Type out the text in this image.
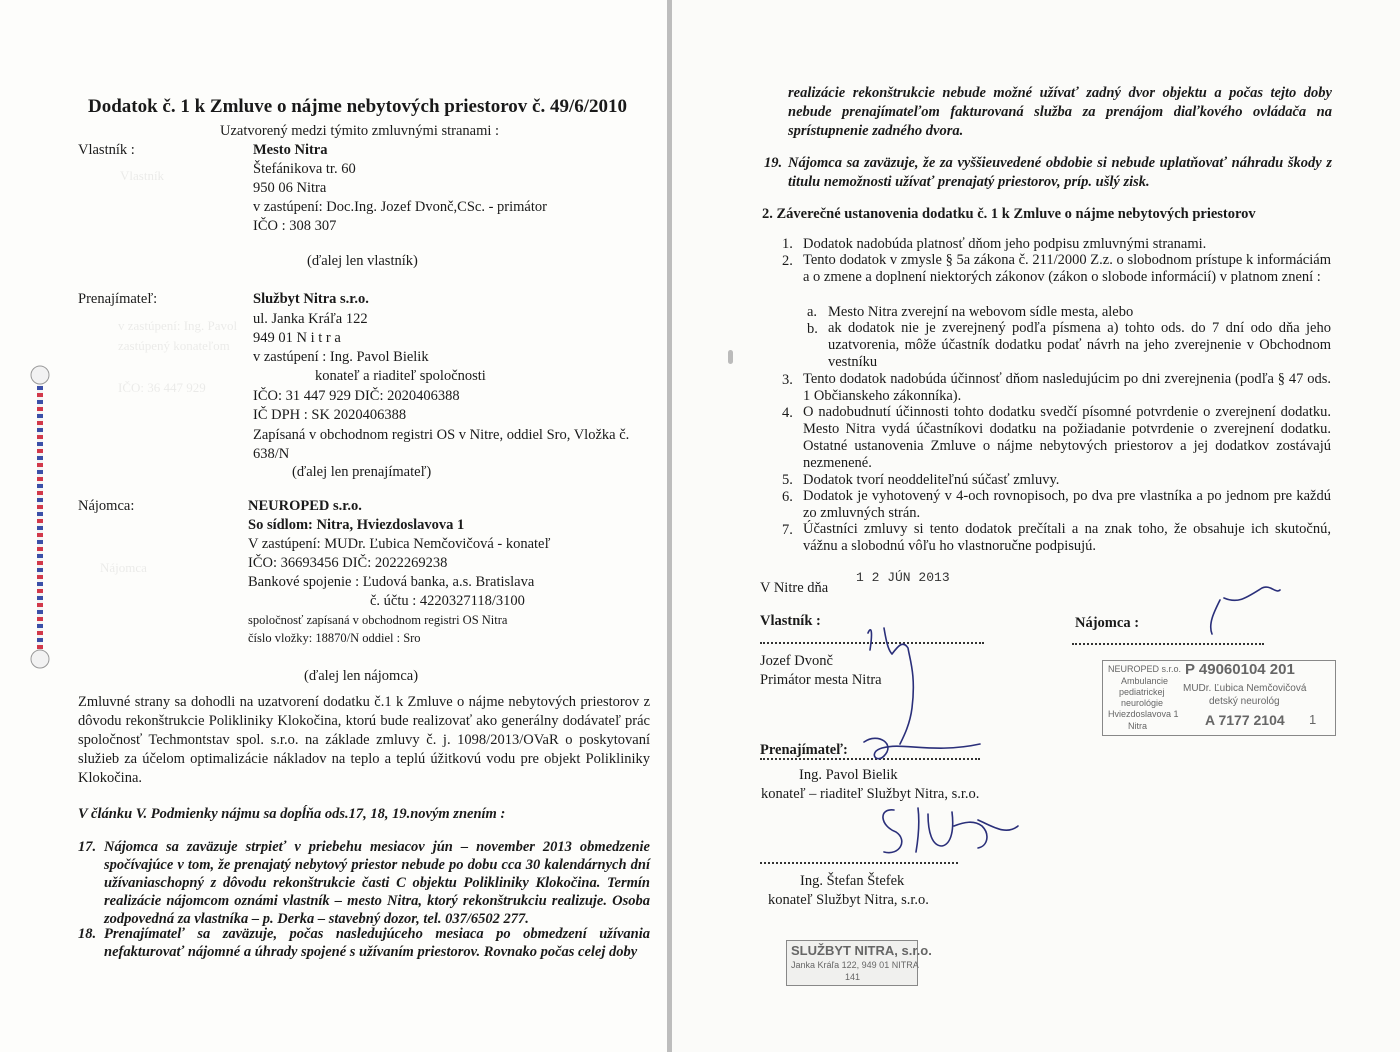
Vlastník
v zastúpení: Ing. Pavol
zastúpený konateľom
IČO: 36 447 929
Nájomca
Dodatok č. 1 k Zmluve o nájme nebytových priestorov č. 49/6/2010
Uzatvorený medzi týmito zmluvnými stranami :
Vlastník :	Mesto Nitra
Štefánikova tr. 60
950 06 Nitra
v zastúpení: Doc.Ing. Jozef Dvonč,CSc. - primátor
IČO : 308 307
(ďalej len vlastník)
Prenajímateľ:	Službyt Nitra s.r.o.
ul. Janka Kráľa 122
949 01 N i t r a
v zastúpení : Ing. Pavol Bielik
konateľ a riaditeľ spoločnosti
IČO: 31 447 929 DIČ: 2020406388
IČ DPH : SK 2020406388
Zapísaná v obchodnom registri OS v Nitre, oddiel Sro, Vložka č.
638/N
(ďalej len prenajímateľ)
Nájomca:	NEUROPED s.r.o.
So sídlom: Nitra, Hviezdoslavova 1
V zastúpení: MUDr. Ľubica Nemčovičová - konateľ
IČO: 36693456 DIČ: 2022269238
Bankové spojenie : Ľudová banka, a.s. Bratislava
č. účtu : 4220327118/3100
spoločnosť zapísaná v obchodnom registri OS Nitra
číslo vložky: 18870/N oddiel : Sro
(ďalej len nájomca)
Zmluvné strany sa dohodli na uzatvorení dodatku č.1 k Zmluve o nájme nebytových priestorov z dôvodu rekonštrukcie Polikliniky Klokočina, ktorú bude realizovať ako generálny dodávateľ prác spoločnosť Techmontstav spol. s.r.o. na základe zmluvy č. j. 1098/2013/OVaR o poskytovaní služieb za účelom optimalizácie nákladov na teplo a teplú úžitkovú vodu pre objekt Polikliniky Klokočina.
V článku V. Podmienky nájmu sa dopĺňa ods.17, 18, 19.novým znením :
17. Nájomca sa zaväzuje strpieť v priebehu mesiacov jún – november 2013 obmedzenie spočívajúce v tom, že prenajatý nebytový priestor nebude po dobu cca 30 kalendárnych dní užívaniaschopný z dôvodu rekonštrukcie časti C objektu Polikliniky Klokočina. Termín realizácie nájomcom oznámi vlastník – mesto Nitra, ktorý rekonštrukciu realizuje. Osoba zodpovedná za vlastníka – p. Derka – stavebný dozor, tel. 037/6502 277.
18. Prenajímateľ sa zaväzuje, počas nasledujúceho mesiaca po obmedzení užívania nefakturovať nájomné a úhrady spojené s užívaním priestorov. Rovnako počas celej doby
realizácie rekonštrukcie nebude možné užívať zadný dvor objektu a počas tejto doby nebude prenajímateľom fakturovaná služba za prenájom diaľkového ovládača na sprístupnenie zadného dvora.
19. Nájomca sa zaväzuje, že za vyššieuvedené obdobie si nebude uplatňovať náhradu škody z titulu nemožnosti užívať prenajatý priestorov, príp. ušlý zisk.
2. Záverečné ustanovenia dodatku č. 1 k Zmluve o nájme nebytových priestorov
1. Dodatok nadobúda platnosť dňom jeho podpisu zmluvnými stranami.
2. Tento dodatok v zmysle § 5a zákona č. 211/2000 Z.z. o slobodnom prístupe k informáciám a o zmene a doplnení niektorých zákonov (zákon o slobode informácií) v platnom znení :
a. Mesto Nitra zverejní na webovom sídle mesta, alebo
b. ak dodatok nie je zverejnený podľa písmena a) tohto ods. do 7 dní odo dňa jeho uzatvorenia, môže účastník dodatku podať návrh na jeho zverejnenie v Obchodnom vestníku
3. Tento dodatok nadobúda účinnosť dňom nasledujúcim po dni zverejnenia (podľa § 47 ods. 1 Občianskeho zákonníka).
4. O nadobudnutí účinnosti tohto dodatku svedčí písomné potvrdenie o zverejnení dodatku. Mesto Nitra vydá účastníkovi dodatku na požiadanie potvrdenie o zverejnení dodatku. Ostatné ustanovenia Zmluve o nájme nebytových priestorov a jej dodatkov zostávajú nezmenené.
5. Dodatok tvorí neoddeliteľnú súčasť zmluvy.
6. Dodatok je vyhotovený v 4-och rovnopisoch, po dva pre vlastníka a po jednom pre každú zo zmluvných strán.
7. Účastníci zmluvy si tento dodatok prečítali a na znak toho, že obsahuje ich skutočnú, vážnu a slobodnú vôľu ho vlastnoručne podpisujú.
V Nitre dňa
1 2 JÚN 2013
Vlastník :
Jozef Dvonč
Primátor mesta Nitra
Prenajímateľ:
Ing. Pavol Bielik
konateľ – riaditeľ Službyt Nitra, s.r.o.
Ing. Štefan Štefek
konateľ Službyt Nitra, s.r.o.
Nájomca :
NEUROPED s.r.o.
Ambulancie
pediatrickej
neurológie
Hviezdoslavova 1
Nitra
P 49060104 201
MUDr. Ľubica Nemčovičová
detský neurológ
A 7177 2104 1
SLUŽBYT NITRA, s.r.o.
Janka Kráľa 122, 949 01 NITRA
141
